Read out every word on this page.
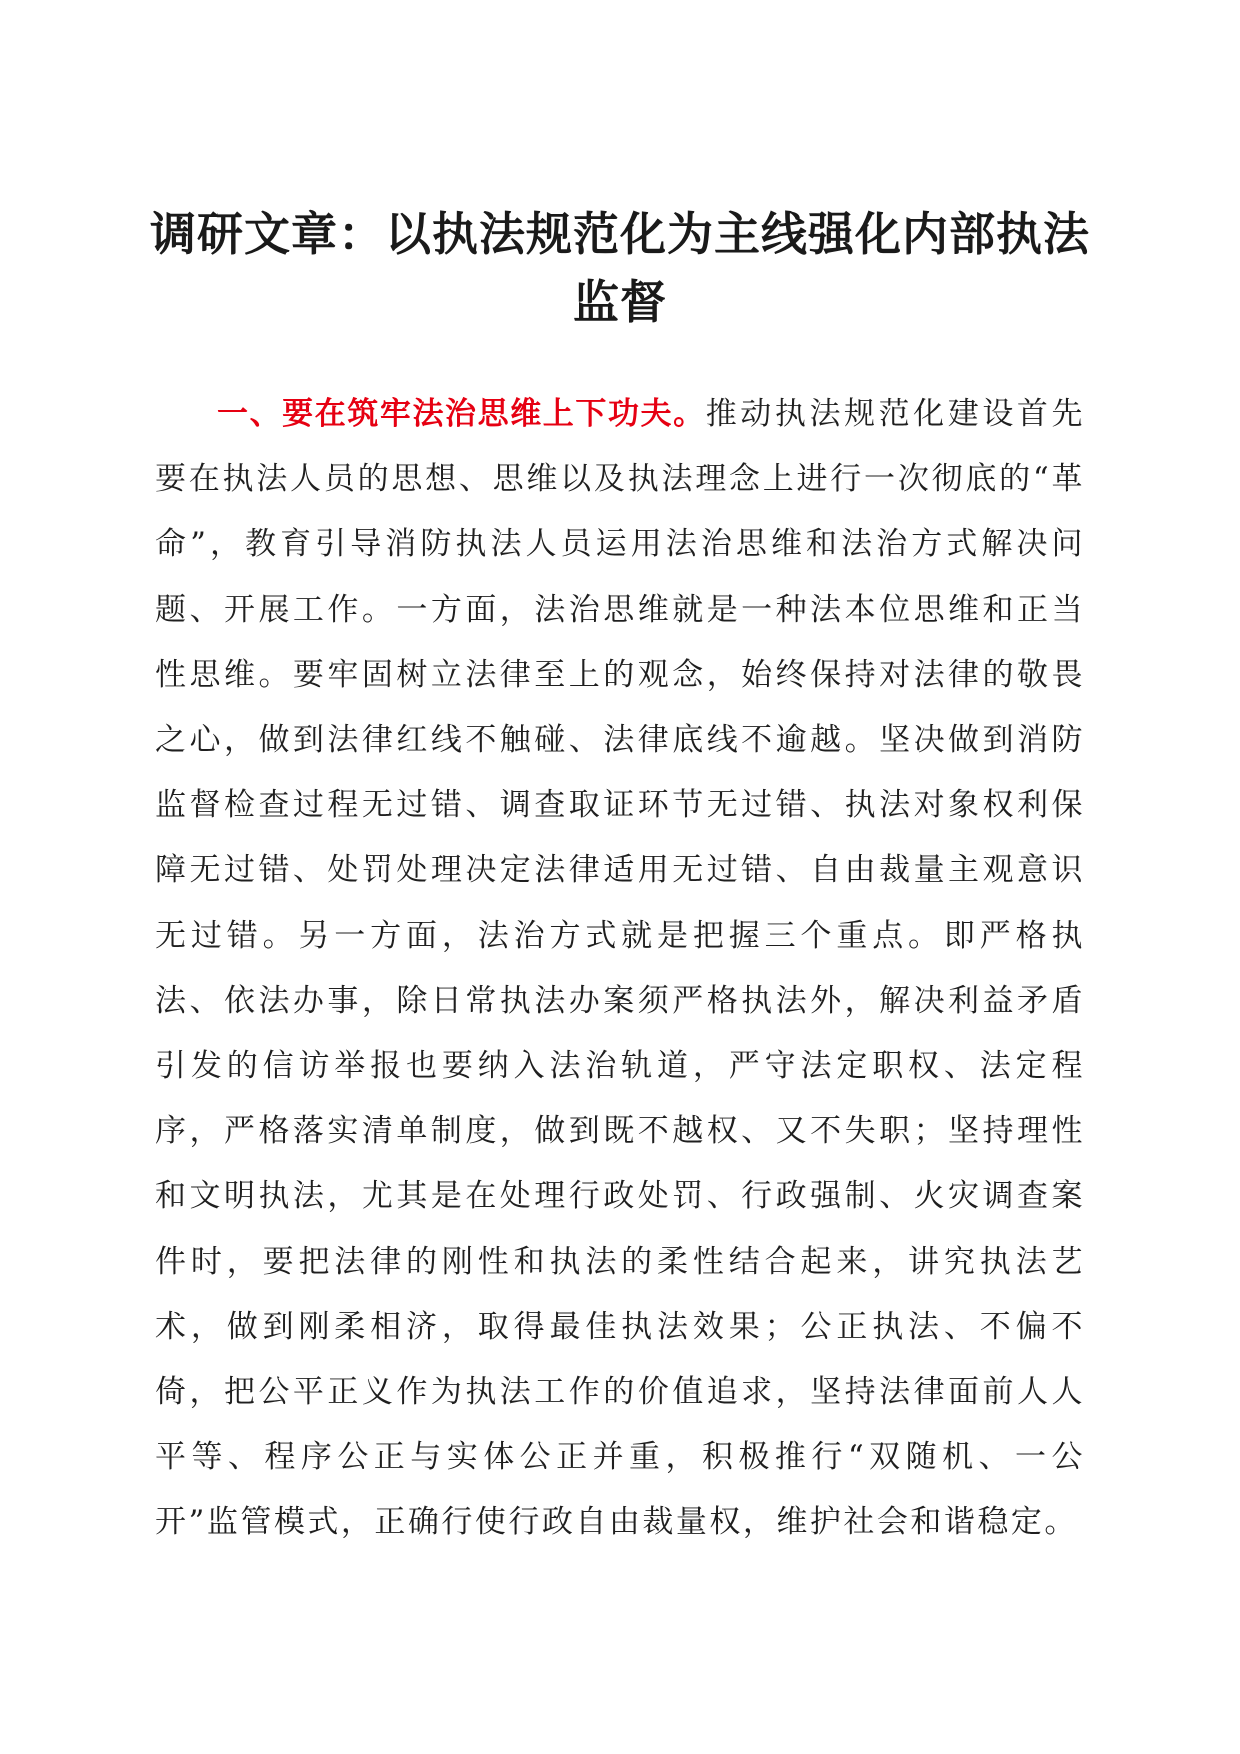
调研文章：以执法规范化为主线强化内部执法监督

一、要在筑牢法治思维上下功夫。推动执法规范化建设首先要在执法人员的思想、思维以及执法理念上进行一次彻底的“革命”，教育引导消防执法人员运用法治思维和法治方式解决问题、开展工作。一方面，法治思维就是一种法本位思维和正当性思维。要牢固树立法律至上的观念，始终保持对法律的敬畏之心，做到法律红线不触碰、法律底线不逾越。坚决做到消防监督检查过程无过错、调查取证环节无过错、执法对象权利保障无过错、处罚处理决定法律适用无过错、自由裁量主观意识无过错。另一方面，法治方式就是把握三个重点。即严格执法、依法办事，除日常执法办案须严格执法外，解决利益矛盾引发的信访举报也要纳入法治轨道，严守法定职权、法定程序，严格落实清单制度，做到既不越权、又不失职；坚持理性和文明执法，尤其是在处理行政处罚、行政强制、火灾调查案件时，要把法律的刚性和执法的柔性结合起来，讲究执法艺术，做到刚柔相济，取得最佳执法效果；公正执法、不偏不倚，把公平正义作为执法工作的价值追求，坚持法律面前人人平等、程序公正与实体公正并重，积极推行“双随机、一公开”监管模式，正确行使行政自由裁量权，维护社会和谐稳定。
